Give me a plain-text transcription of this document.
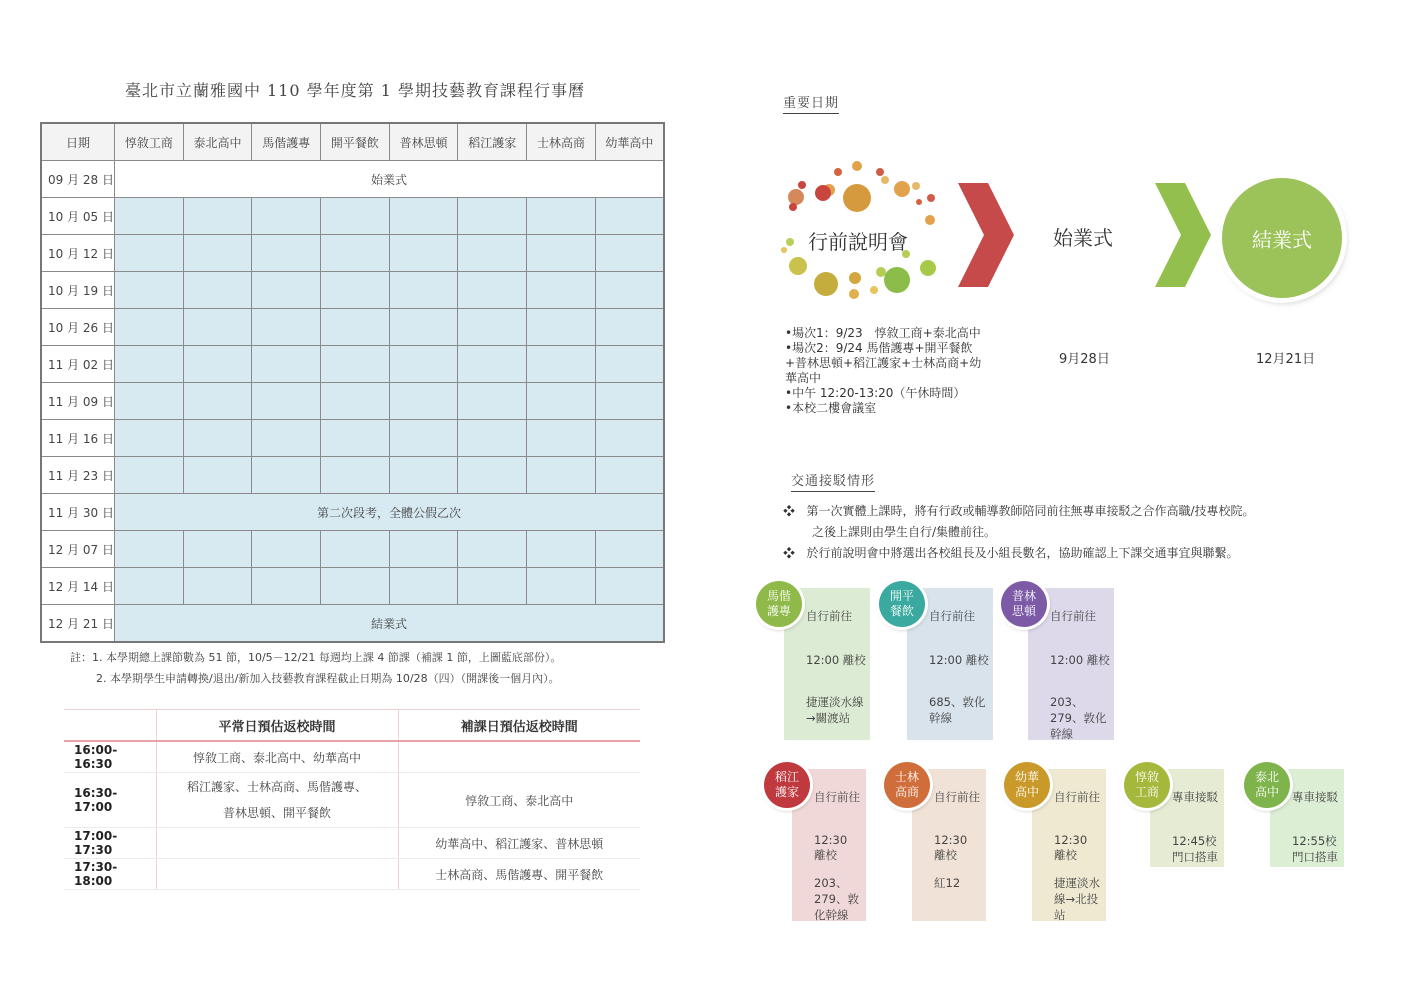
臺北市立蘭雅國中 110 學年度第 1 學期技藝教育課程行事曆
日期	惇敘工商	泰北高中	馬偕護專	開平餐飲	普林思頓	稻江護家	士林高商	幼華高中
09 月 28 日	始業式							
10 月 05 日								
10 月 12 日								
10 月 19 日								
10 月 26 日								
11 月 02 日								
11 月 09 日								
11 月 16 日								
11 月 23 日								
11 月 30 日	第二次段考，全體公假乙次							
12 月 07 日								
12 月 14 日								
12 月 21 日	結業式							
註：1. 本學期總上課節數為 51 節，10/5－12/21 每週均上課 4 節課（補課 1 節，上圖藍底部份）。
2. 本學期學生申請轉換/退出/新加入技藝教育課程截止日期為 10/28（四）（開課後一個月內）。
	平常日預估返校時間	補課日預估返校時間
16:00-16:30	惇敘工商、泰北高中、幼華高中	
16:30-17:00	稻江護家、士林高商、馬偕護專、
普林思頓、開平餐飲	惇敘工商、泰北高中
17:00-17:30		幼華高中、稻江護家、普林思頓
17:30-18:00		士林高商、馬偕護專、開平餐飲
重要日期
行前說明會	始業式	結業式
•場次1：9/23　惇敘工商+泰北高中
•場次2：9/24 馬偕護專+開平餐飲+普林思頓+稻江護家+士林高商+幼華高中
•中午 12:20-13:20（午休時間）
•本校二樓會議室
9月28日	12月21日
交通接駁情形

❖ 第一次實體上課時，將有行政或輔導教師陪同前往無專車接駁之合作高職/技專校院。

之後上課則由學生自行/集體前往。

❖ 於行前說明會中將選出各校組長及小組長數名，協助確認上下課交通事宜與聯繫。

自行前往
12:00 離校
捷運淡水線→關渡站
馬偕
護專	自行前往
12:00 離校
685、敦化幹線
開平
餐飲	自行前往
12:00 離校
203、279、敦化幹線
普林
思頓
自行前往
12:30 離校
203、279、敦化幹線
稻江
護家	自行前往
12:30 離校
紅12
士林
高商	自行前往
12:30 離校
捷運淡水線→北投站
幼華
高中	專車接駁
12:45校門口搭車
惇敘
工商	專車接駁
12:55校門口搭車
泰北
高中
